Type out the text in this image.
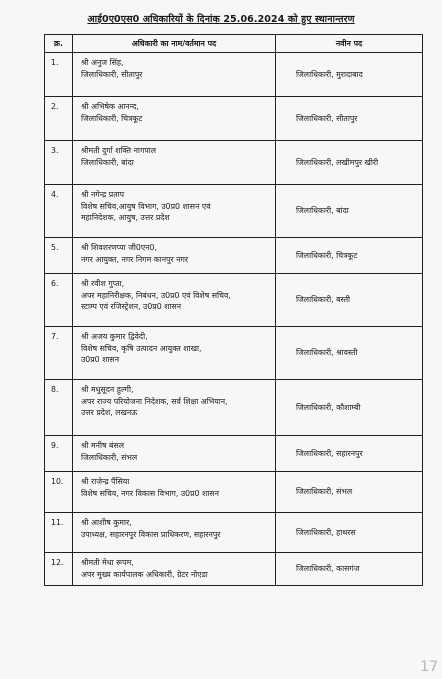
आई0ए0एस0 अधिकारियों के दिनांक 25.06.2024 को हुए स्थानान्तरण
क्र.	अधिकारी का नाम/वर्तमान पद	नवीन पद
1.	श्री अनुज सिंह,
जिलाधिकारी, सीतापुर	जिलाधिकारी, मुरादाबाद
2.	श्री अभिषेक आनन्द,
जिलाधिकारी, चित्रकूट	जिलाधिकारी, सीतापुर
3.	श्रीमती दुर्गा शक्ति नागपाल
जिलाधिकारी, बांदा	जिलाधिकारी, लखीमपुर खीरी
4.	श्री नगेन्द्र प्रताप
विशेष सचिव,आयुष विभाग, उ0प्र0 शासन एवं
महानिदेशक, आयुष, उत्तर प्रदेश	जिलाधिकारी, बांदा
5.	श्री शिवशरणप्पा जी0एन0,
नगर आयुक्त, नगर निगम कानपुर नगर	जिलाधिकारी, चित्रकूट
6.	श्री रवीश गुप्ता,
अपर महानिरीक्षक, निबंधन, उ0प्र0 एवं विशेष सचिव,
स्टाम्प एवं रजिस्ट्रेशन, उ0प्र0 शासन	जिलाधिकारी, बस्ती
7.	श्री अजय कुमार द्विवेदी,
विशेष सचिव, कृषि उत्पादन आयुक्त शाखा,
उ0प्र0 शासन	जिलाधिकारी, श्रावस्ती
8.	श्री मधुसूदन हुल्गी,
अपर राज्य परियोजना निदेशक, सर्व शिक्षा अभियान,
उत्तर प्रदेश, लखनऊ	जिलाधिकारी, कौशाम्बी
9.	श्री मनीष बंसल
जिलाधिकारी, संभल	जिलाधिकारी, सहारनपुर
10.	श्री राजेन्द्र पैंसिया
विशेष सचिव, नगर विकास विभाग, उ0प्र0 शासन	जिलाधिकारी, संभल
11.	श्री आशीष कुमार,
उपाध्यक्ष, सहारनपुर विकास प्राधिकरण, सहारनपुर	जिलाधिकारी, हाथरस
12.	श्रीमती मेधा रूपम,
अपर मुख्य कार्यपालक अधिकारी, ग्रेटर नोएडा	जिलाधिकारी, कासगंज
17
